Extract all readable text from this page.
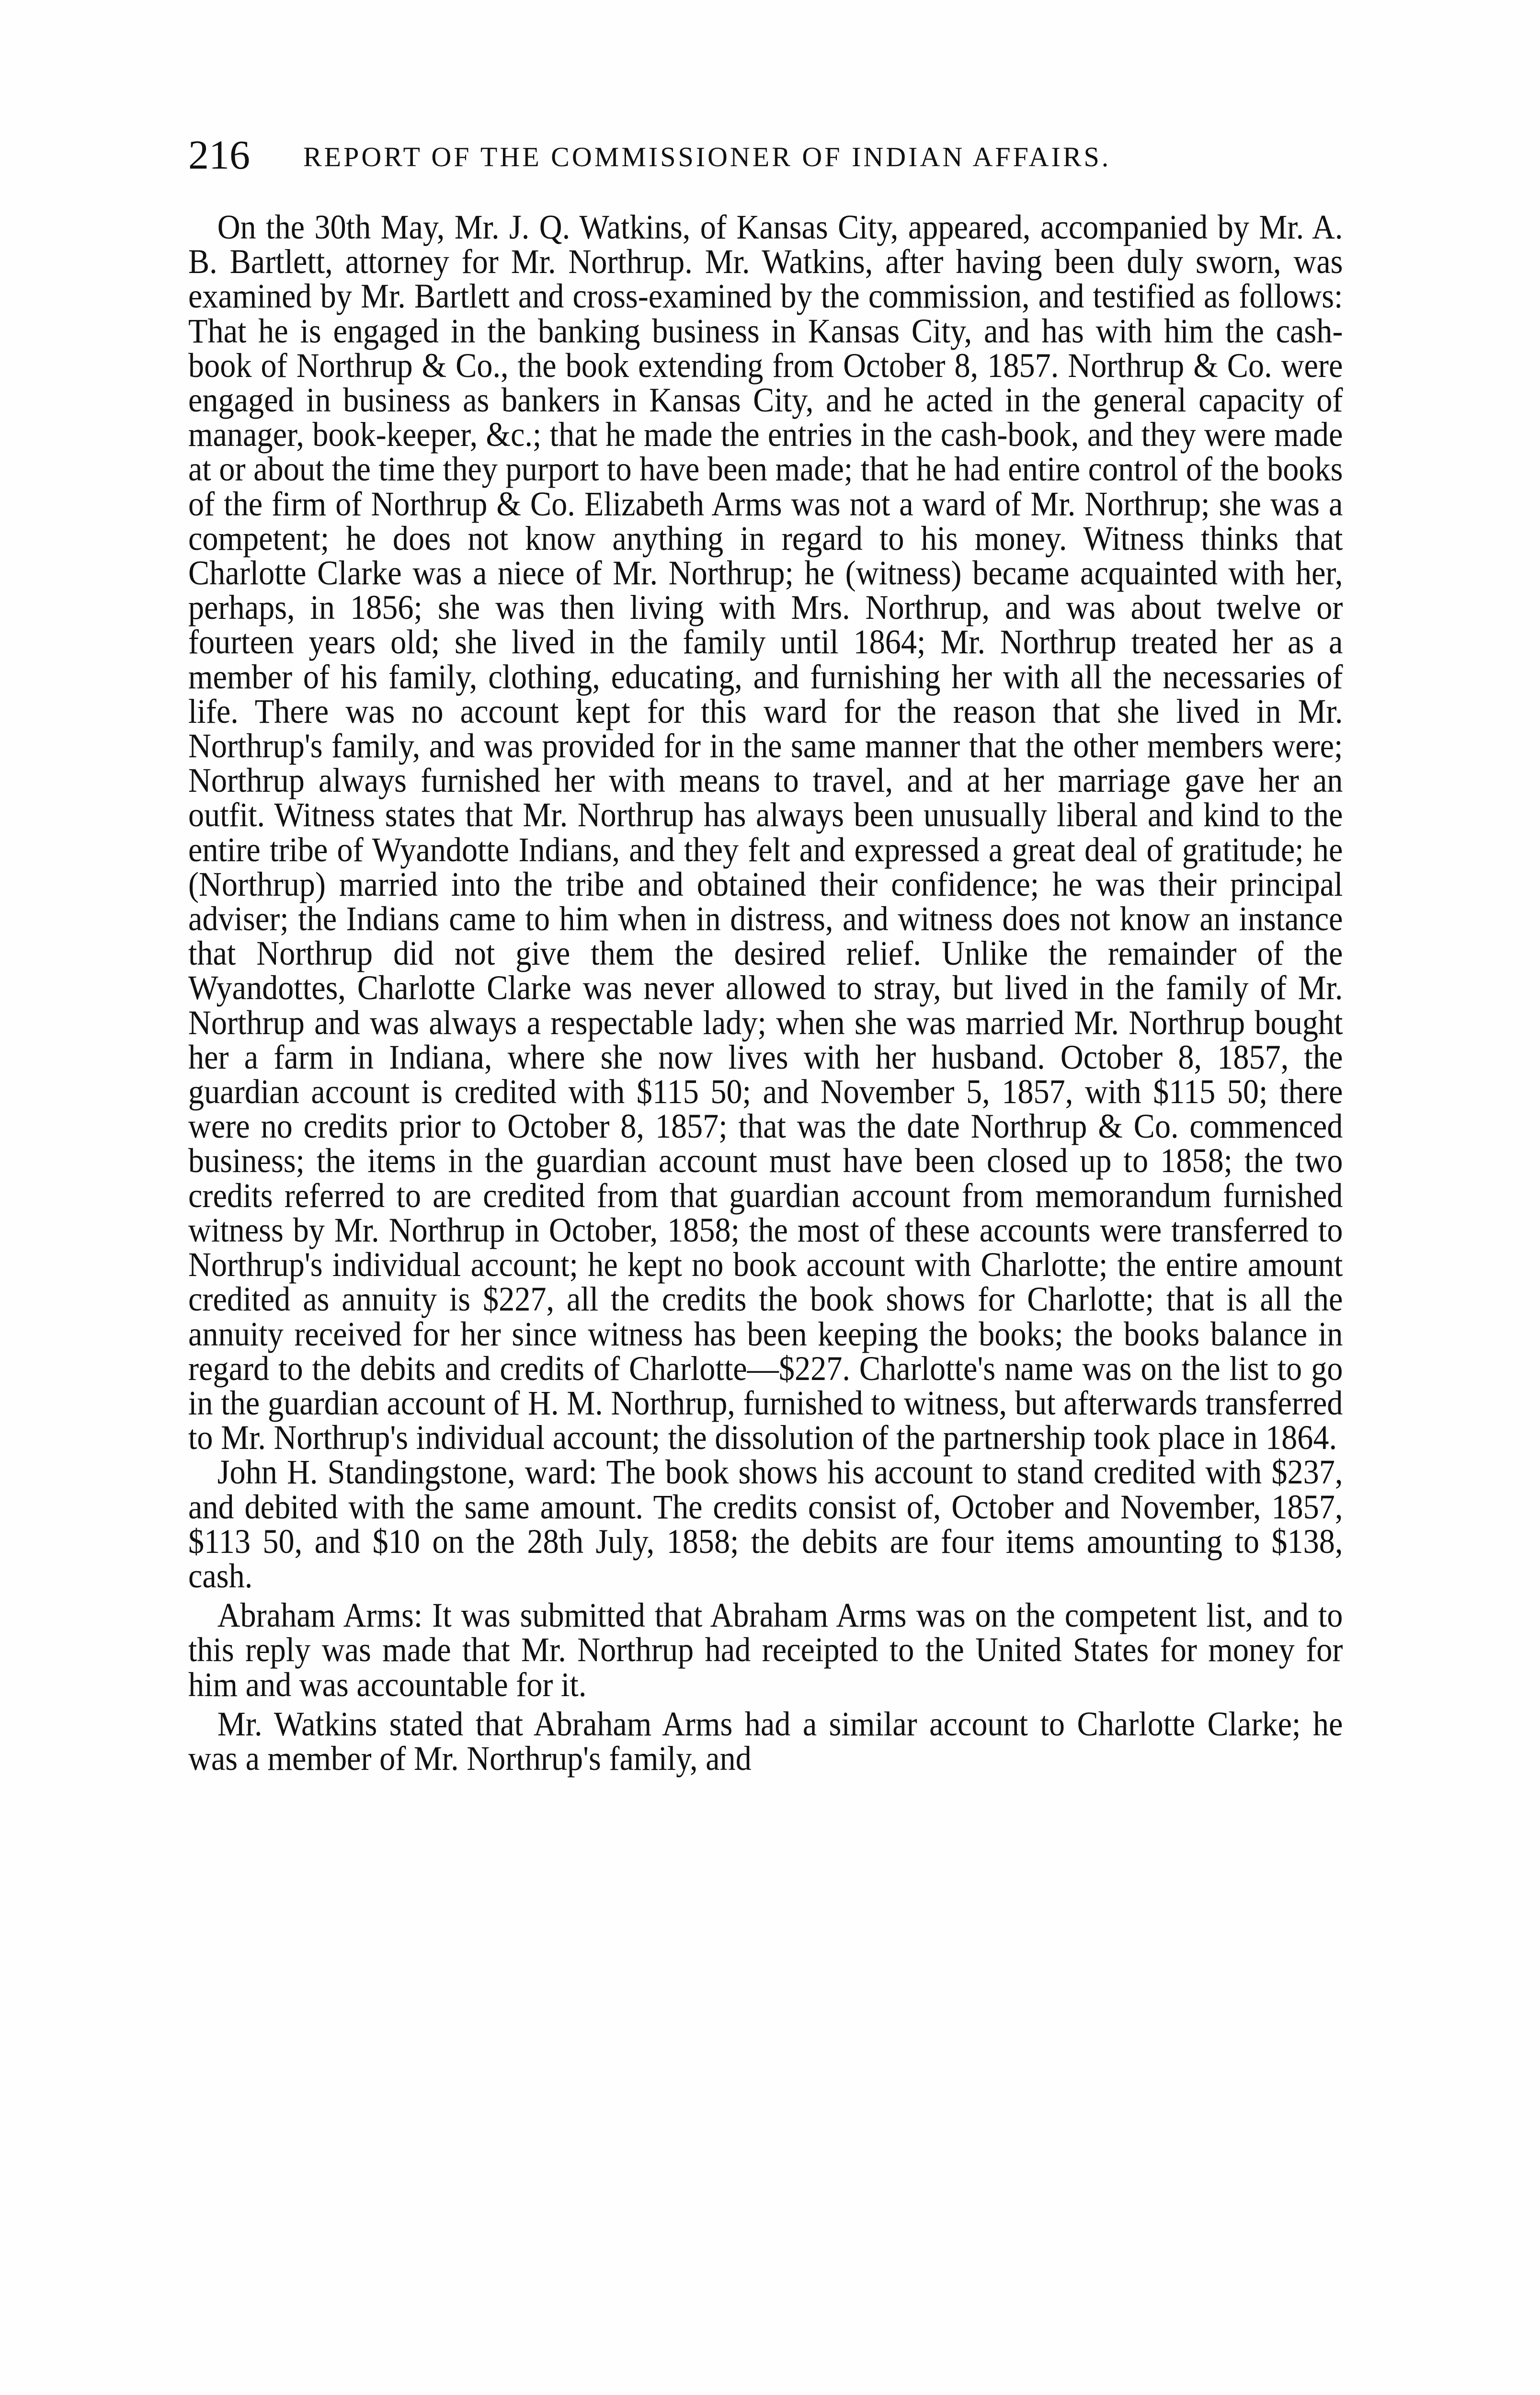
216 REPORT OF THE COMMISSIONER OF INDIAN AFFAIRS.

On the 30th May, Mr. J. Q. Watkins, of Kansas City, appeared, accompanied by Mr. A. B. Bartlett, attorney for Mr. Northrup. Mr. Watkins, after having been duly sworn, was examined by Mr. Bartlett and cross-examined by the commission, and testified as follows: That he is engaged in the banking business in Kansas City, and has with him the cash-book of Northrup & Co., the book extending from October 8, 1857. Northrup & Co. were engaged in business as bankers in Kansas City, and he acted in the general capacity of manager, book-keeper, &c.; that he made the entries in the cash-book, and they were made at or about the time they purport to have been made; that he had entire control of the books of the firm of Northrup & Co. Elizabeth Arms was not a ward of Mr. Northrup; she was a competent; he does not know anything in regard to his money. Witness thinks that Charlotte Clarke was a niece of Mr. Northrup; he (witness) became acquainted with her, perhaps, in 1856; she was then living with Mrs. Northrup, and was about twelve or fourteen years old; she lived in the family until 1864; Mr. Northrup treated her as a member of his family, clothing, educating, and furnishing her with all the necessaries of life. There was no account kept for this ward for the reason that she lived in Mr. Northrup's family, and was provided for in the same manner that the other members were; Northrup always furnished her with means to travel, and at her marriage gave her an outfit. Witness states that Mr. Northrup has always been unusually liberal and kind to the entire tribe of Wyandotte Indians, and they felt and expressed a great deal of gratitude; he (Northrup) married into the tribe and obtained their confidence; he was their principal adviser; the Indians came to him when in distress, and witness does not know an instance that Northrup did not give them the desired relief. Unlike the remainder of the Wyandottes, Charlotte Clarke was never allowed to stray, but lived in the family of Mr. Northrup and was always a respectable lady; when she was married Mr. Northrup bought her a farm in Indiana, where she now lives with her husband. October 8, 1857, the guardian account is credited with $115 50; and November 5, 1857, with $115 50; there were no credits prior to October 8, 1857; that was the date Northrup & Co. commenced business; the items in the guardian account must have been closed up to 1858; the two credits referred to are credited from that guardian account from memorandum furnished witness by Mr. Northrup in October, 1858; the most of these accounts were transferred to Northrup's individual account; he kept no book account with Charlotte; the entire amount credited as annuity is $227, all the credits the book shows for Charlotte; that is all the annuity received for her since witness has been keeping the books; the books balance in regard to the debits and credits of Charlotte—$227. Charlotte's name was on the list to go in the guardian account of H. M. Northrup, furnished to witness, but afterwards transferred to Mr. Northrup's individual account; the dissolution of the partnership took place in 1864.

John H. Standingstone, ward: The book shows his account to stand credited with $237, and debited with the same amount. The credits consist of, October and November, 1857, $113 50, and $10 on the 28th July, 1858; the debits are four items amounting to $138, cash.

Abraham Arms: It was submitted that Abraham Arms was on the competent list, and to this reply was made that Mr. Northrup had receipted to the United States for money for him and was accountable for it.

Mr. Watkins stated that Abraham Arms had a similar account to Charlotte Clarke; he was a member of Mr. Northrup's family, and
